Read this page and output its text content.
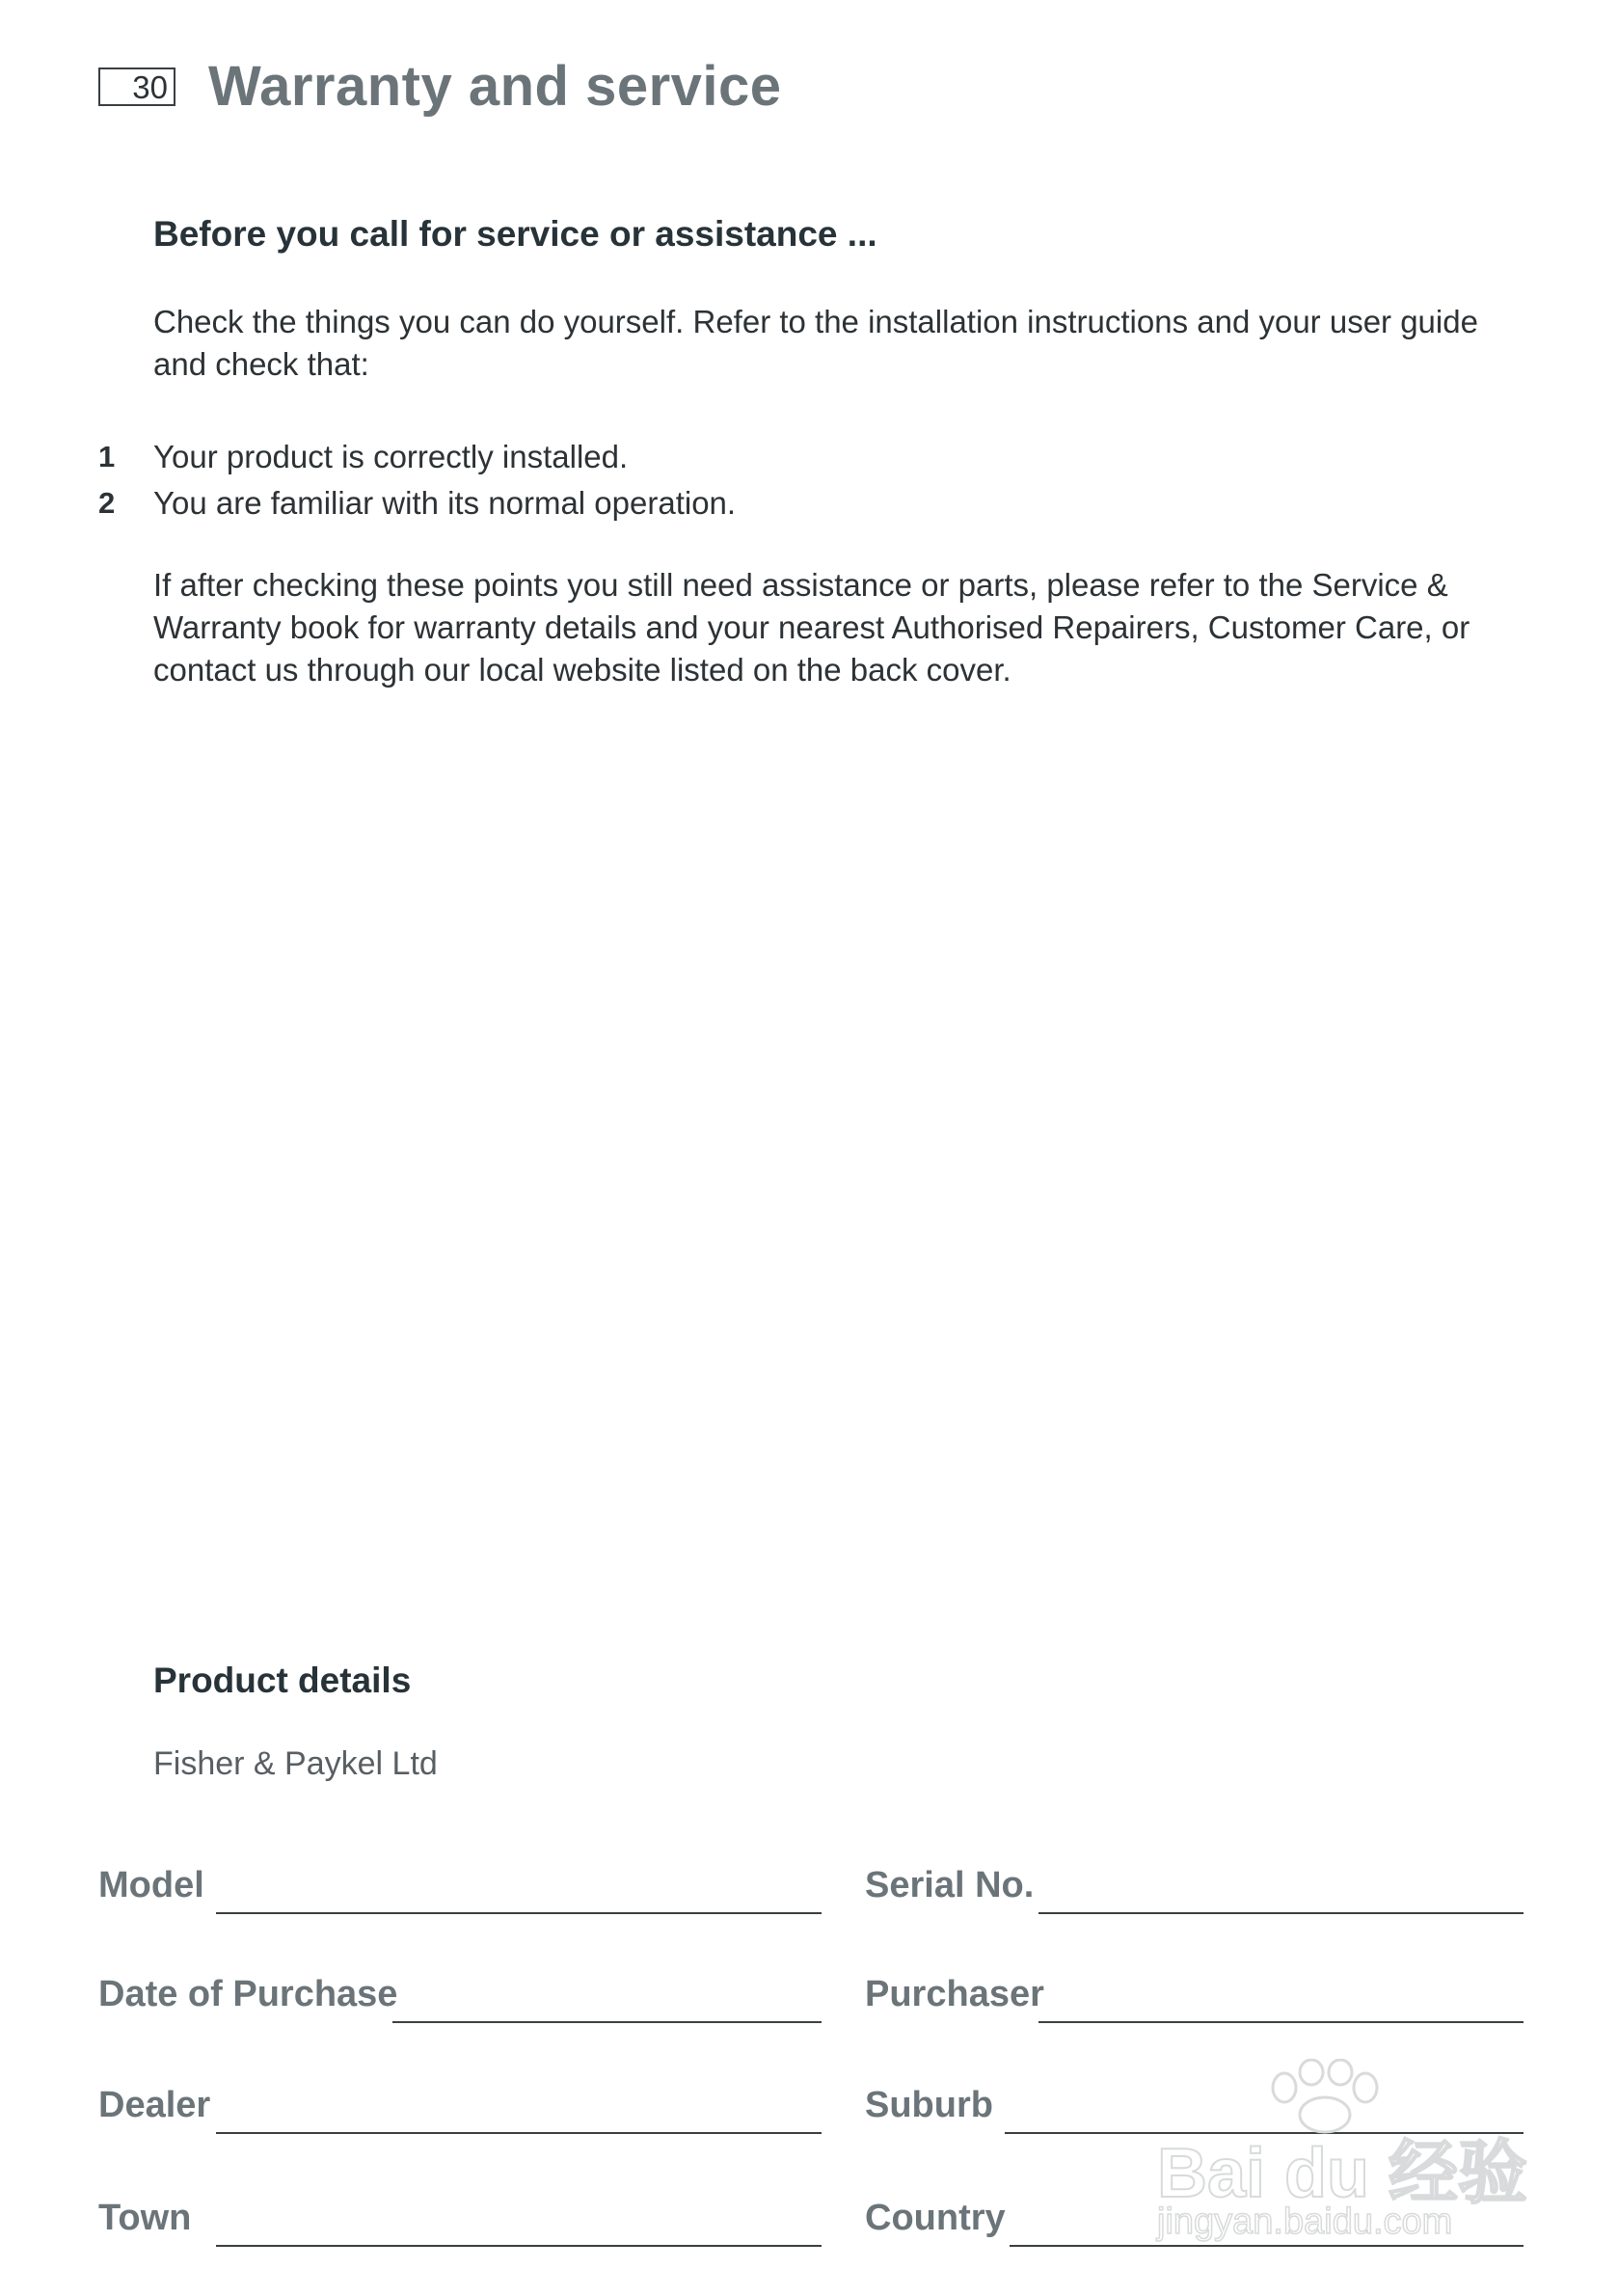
30 Warranty and service
Before you call for service or assistance ...

Check the things you can do yourself. Refer to the installation instructions and your user guide and check that:

1 Your product is correctly installed.
2 You are familiar with its normal operation.

If after checking these points you still need assistance or parts, please refer to the Service & Warranty book for warranty details and your nearest Authorised Repairers, Customer Care, or contact us through our local website listed on the back cover.

Product details

Fisher & Paykel Ltd

Model	Serial No.
Date of Purchase	Purchaser
Dealer	Suburb
Town	Country
Bai du 经验
jingyan.baidu.com
